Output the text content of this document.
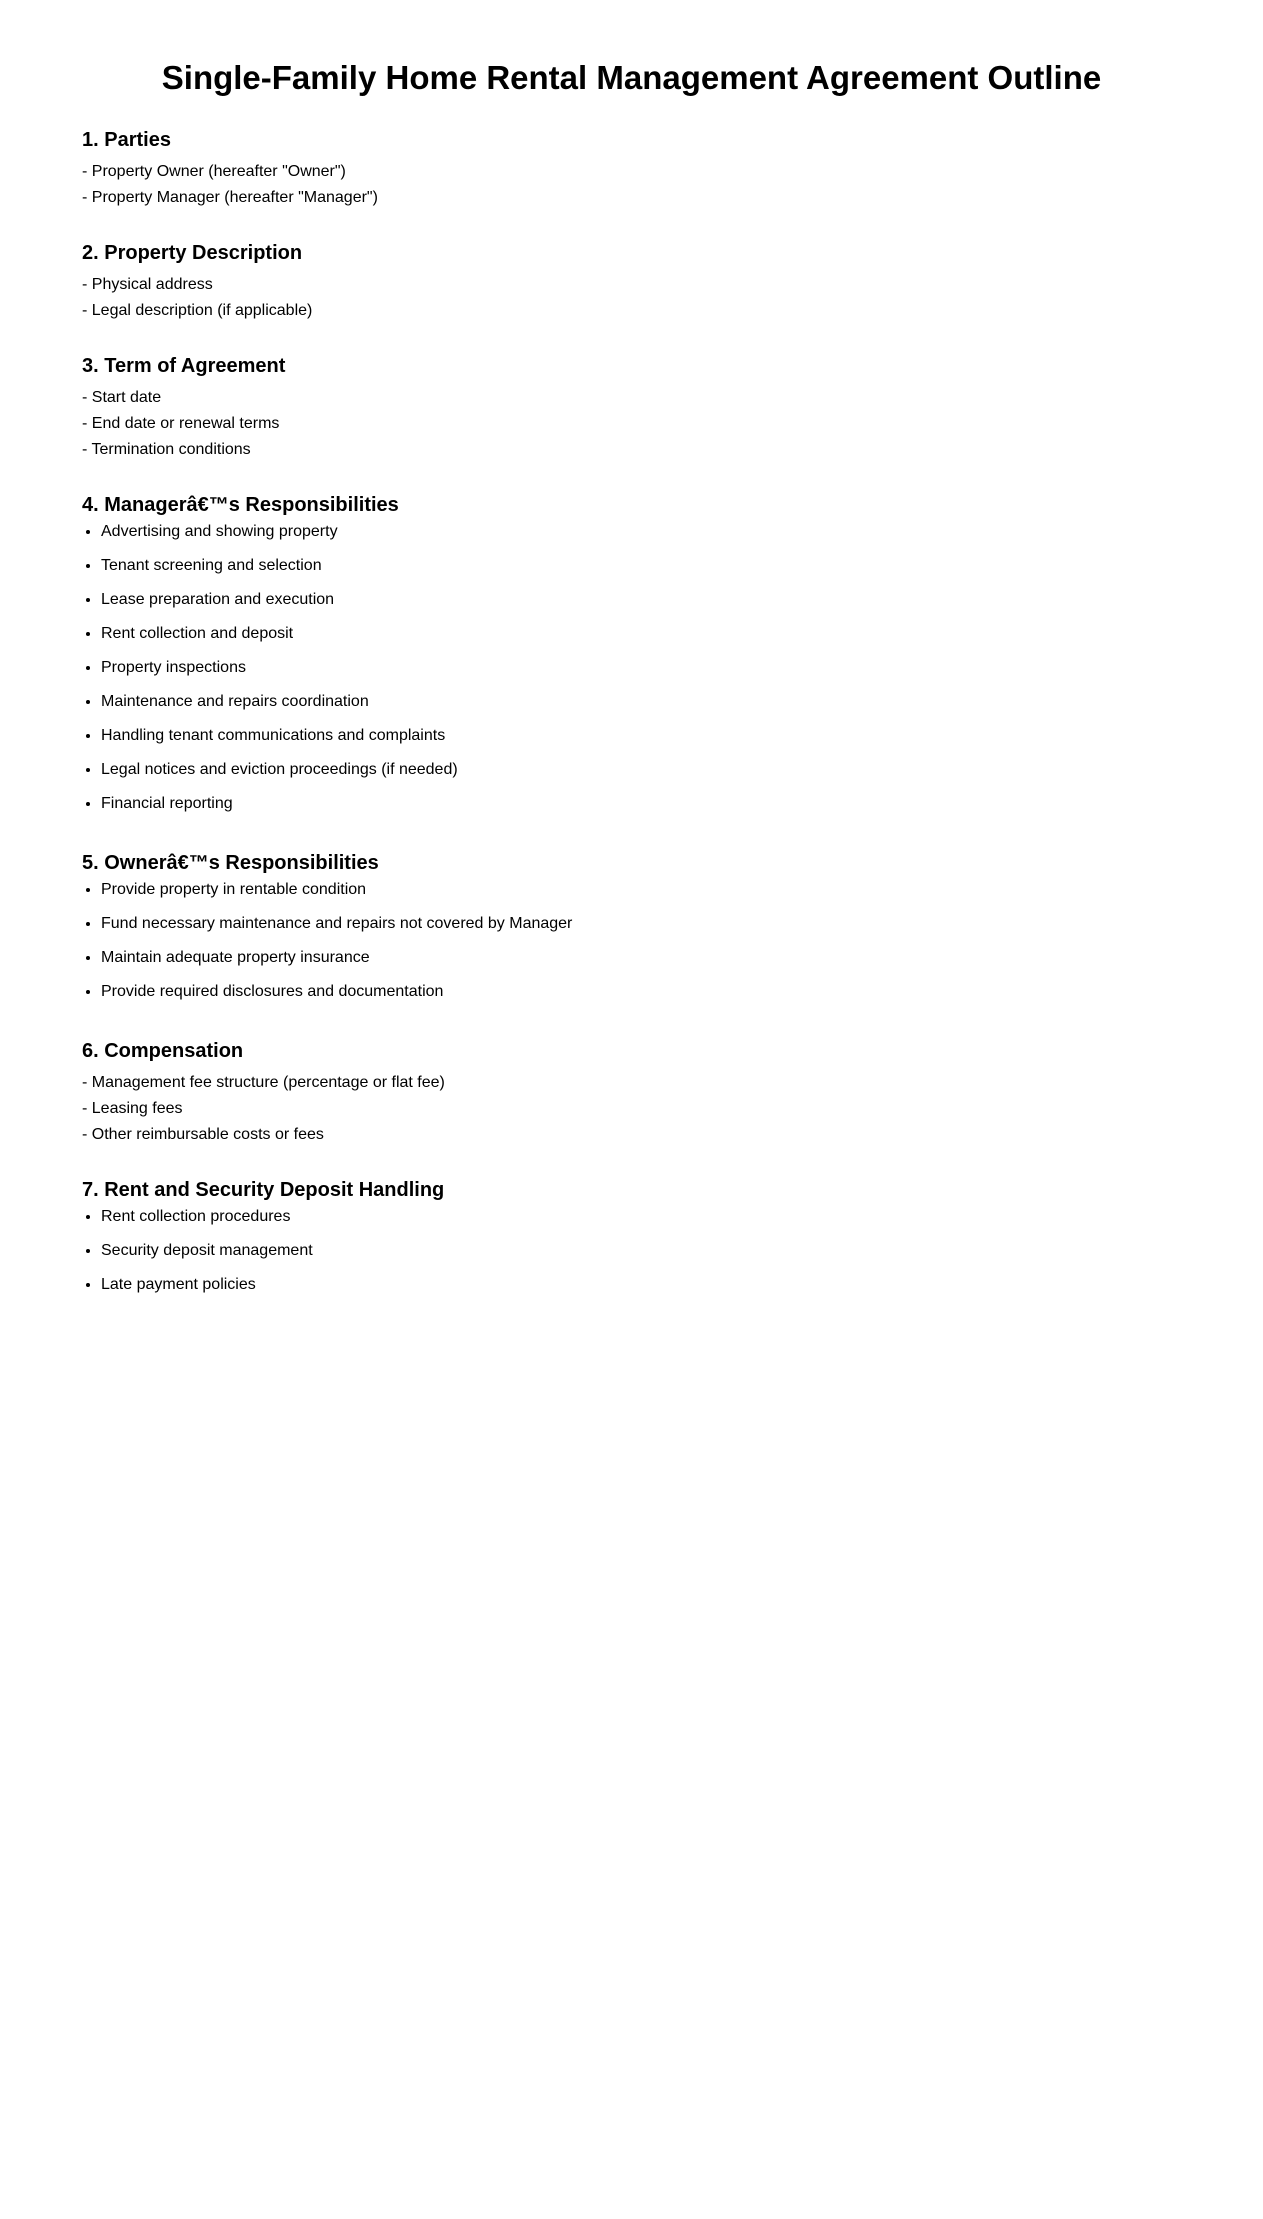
Single-Family Home Rental Management Agreement Outline
1. Parties

- Property Owner (hereafter "Owner")

- Property Manager (hereafter "Manager")

2. Property Description

- Physical address

- Legal description (if applicable)

3. Term of Agreement

- Start date

- End date or renewal terms

- Termination conditions

4. Managerâ€™s Responsibilities
• Advertising and showing property
• Tenant screening and selection
• Lease preparation and execution
• Rent collection and deposit
• Property inspections
• Maintenance and repairs coordination
• Handling tenant communications and complaints
• Legal notices and eviction proceedings (if needed)
• Financial reporting
5. Ownerâ€™s Responsibilities
• Provide property in rentable condition
• Fund necessary maintenance and repairs not covered by Manager
• Maintain adequate property insurance
• Provide required disclosures and documentation
6. Compensation

- Management fee structure (percentage or flat fee)

- Leasing fees

- Other reimbursable costs or fees

7. Rent and Security Deposit Handling
• Rent collection procedures
• Security deposit management
• Late payment policies
